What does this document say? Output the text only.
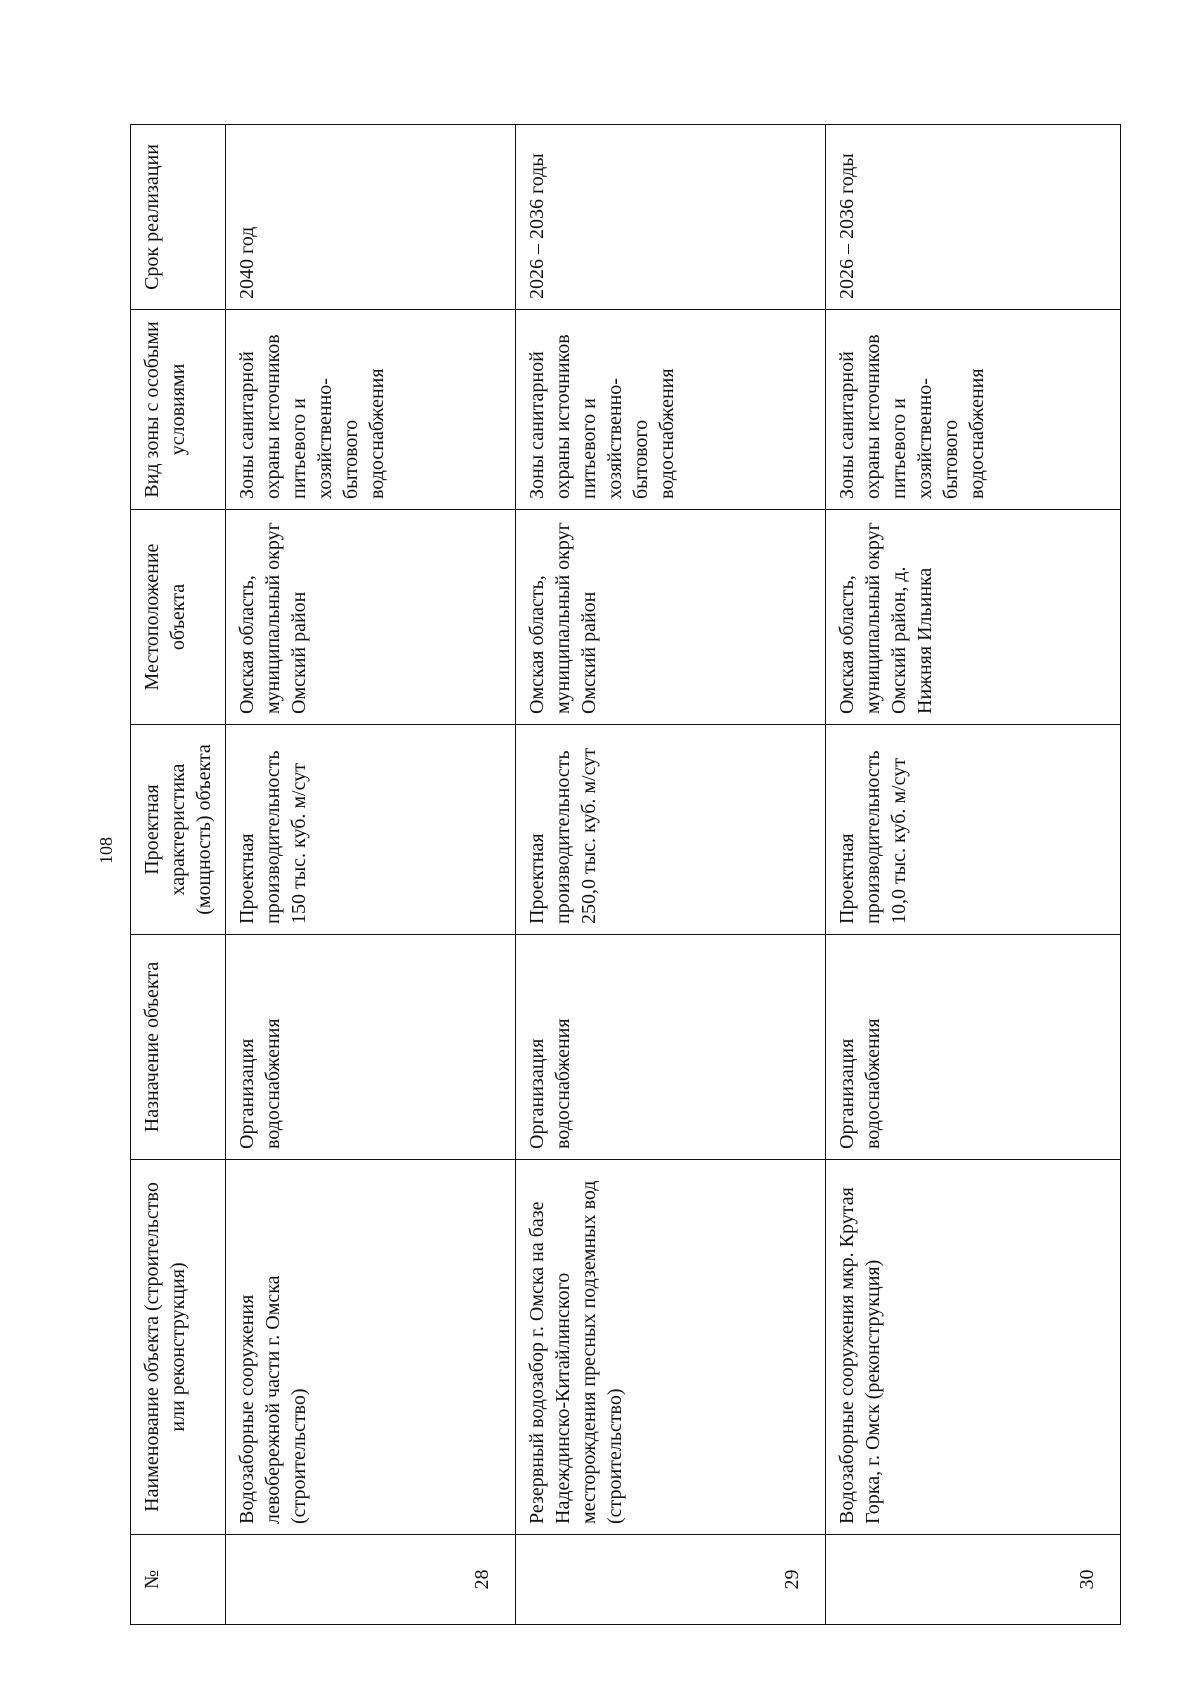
108
№	Наименование объекта (строительство или реконструкция)	Назначение объекта	Проектная характеристика (мощность) объекта	Местоположение объекта	Вид зоны с особыми условиями	Срок реализации
28	Водозаборные сооружения левобережной части г. Омска (строительство)	Организация водоснабжения	Проектная производительность 150 тыс. куб. м/сут	Омская область, муниципальный округ Омский район	Зоны санитарной охраны источников питьевого и хозяйственно-бытового водоснабжения	2040 год
29	Резервный водозабор г. Омска на базе Надеждинско-Китайлинского месторождения пресных подземных вод (строительство)	Организация водоснабжения	Проектная производительность 250,0 тыс. куб. м/сут	Омская область, муниципальный округ Омский район	Зоны санитарной охраны источников питьевого и хозяйственно-бытового водоснабжения	2026 – 2036 годы
30	Водозаборные сооружения мкр. Крутая Горка, г. Омск (реконструкция)	Организация водоснабжения	Проектная производительность 10,0 тыс. куб. м/сут	Омская область, муниципальный округ Омский район, д. Нижняя Ильинка	Зоны санитарной охраны источников питьевого и хозяйственно-бытового водоснабжения	2026 – 2036 годы
